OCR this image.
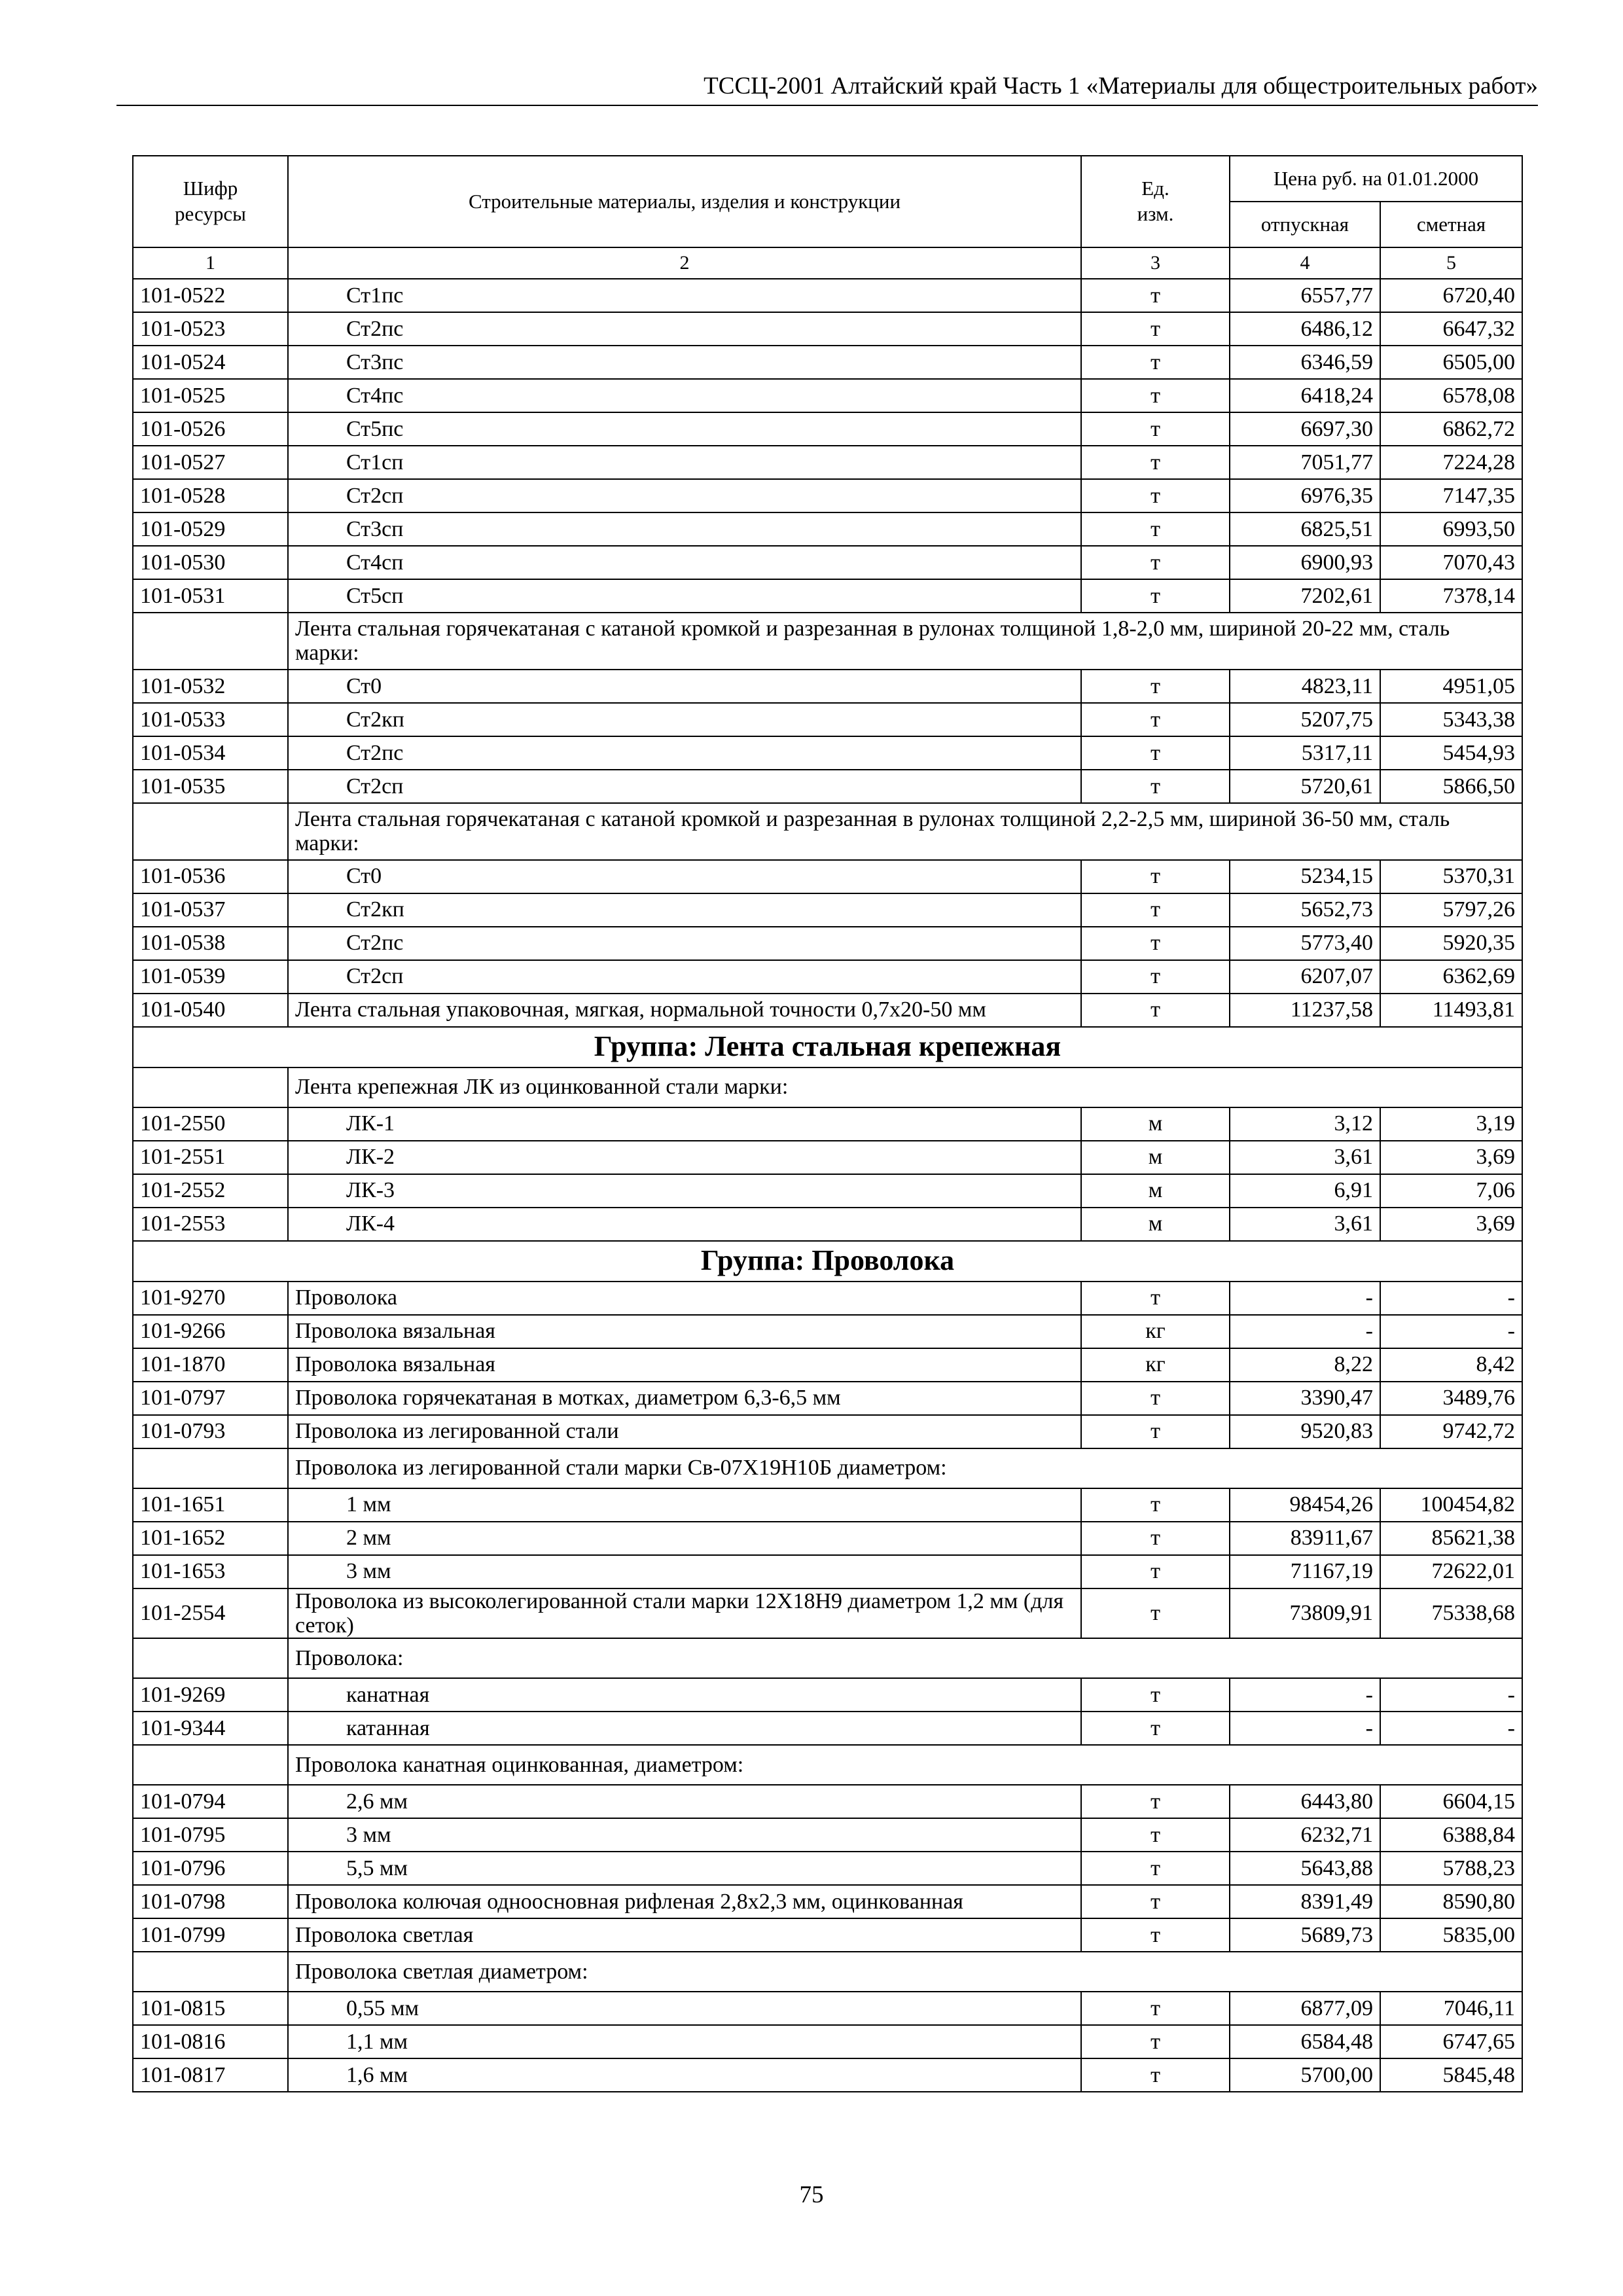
ТССЦ-2001 Алтайский край Часть 1 «Материалы для общестроительных работ»
Шифр ресурсы	Строительные материалы, изделия и конструкции	Ед. изм.	Цена руб. на 01.01.2000	
			отпускная	сметная
1	2	3	4	5
101-0522	Ст1пс	т	6557,77	6720,40
101-0523	Ст2пс	т	6486,12	6647,32
101-0524	Ст3пс	т	6346,59	6505,00
101-0525	Ст4пс	т	6418,24	6578,08
101-0526	Ст5пс	т	6697,30	6862,72
101-0527	Ст1сп	т	7051,77	7224,28
101-0528	Ст2сп	т	6976,35	7147,35
101-0529	Ст3сп	т	6825,51	6993,50
101-0530	Ст4сп	т	6900,93	7070,43
101-0531	Ст5сп	т	7202,61	7378,14
	Лента стальная горячекатаная с катаной кромкой и разрезанная в рулонах толщиной 1,8-2,0 мм, шириной 20-22 мм, сталь марки:			
101-0532	Ст0	т	4823,11	4951,05
101-0533	Ст2кп	т	5207,75	5343,38
101-0534	Ст2пс	т	5317,11	5454,93
101-0535	Ст2сп	т	5720,61	5866,50
	Лента стальная горячекатаная с катаной кромкой и разрезанная в рулонах толщиной 2,2-2,5 мм, шириной 36-50 мм, сталь марки:			
101-0536	Ст0	т	5234,15	5370,31
101-0537	Ст2кп	т	5652,73	5797,26
101-0538	Ст2пс	т	5773,40	5920,35
101-0539	Ст2сп	т	6207,07	6362,69
101-0540	Лента стальная упаковочная, мягкая, нормальной точности 0,7х20-50 мм	т	11237,58	11493,81
Группа: Лента стальная крепежная				
	Лента крепежная ЛК из оцинкованной стали марки:			
101-2550	ЛК-1	м	3,12	3,19
101-2551	ЛК-2	м	3,61	3,69
101-2552	ЛК-3	м	6,91	7,06
101-2553	ЛК-4	м	3,61	3,69
Группа: Проволока				
101-9270	Проволока	т	-	-
101-9266	Проволока вязальная	кг	-	-
101-1870	Проволока вязальная	кг	8,22	8,42
101-0797	Проволока горячекатаная в мотках, диаметром 6,3-6,5 мм	т	3390,47	3489,76
101-0793	Проволока из легированной стали	т	9520,83	9742,72
	Проволока из легированной стали марки Св-07Х19Н10Б диаметром:			
101-1651	1 мм	т	98454,26	100454,82
101-1652	2 мм	т	83911,67	85621,38
101-1653	3 мм	т	71167,19	72622,01
101-2554	Проволока из высоколегированной стали марки 12Х18Н9 диаметром 1,2 мм (для сеток)	т	73809,91	75338,68
	Проволока:			
101-9269	канатная	т	-	-
101-9344	катанная	т	-	-
	Проволока канатная оцинкованная, диаметром:			
101-0794	2,6 мм	т	6443,80	6604,15
101-0795	3 мм	т	6232,71	6388,84
101-0796	5,5 мм	т	5643,88	5788,23
101-0798	Проволока колючая одноосновная рифленая 2,8х2,3 мм, оцинкованная	т	8391,49	8590,80
101-0799	Проволока светлая	т	5689,73	5835,00
	Проволока светлая диаметром:			
101-0815	0,55 мм	т	6877,09	7046,11
101-0816	1,1 мм	т	6584,48	6747,65
101-0817	1,6 мм	т	5700,00	5845,48
75
